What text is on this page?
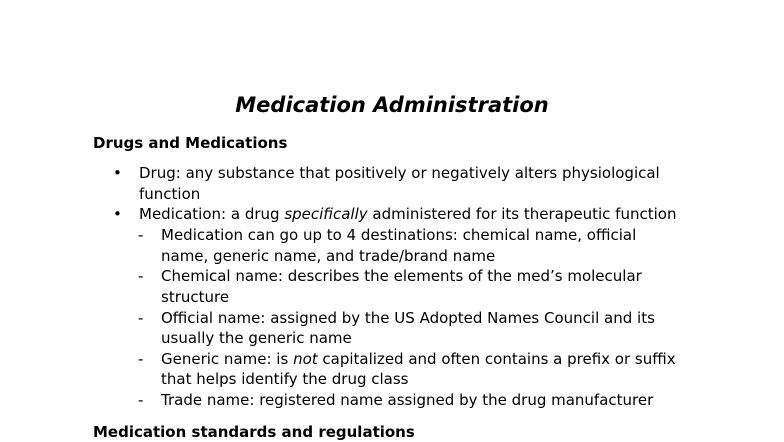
Medication Administration
Drugs and Medications
• Drug: any substance that positively or negatively alters physiological
function
• Medication: a drug specifically administered for its therapeutic function
- Medication can go up to 4 destinations: chemical name, official
name, generic name, and trade/brand name
- Chemical name: describes the elements of the med’s molecular
structure
- Official name: assigned by the US Adopted Names Council and its
usually the generic name
- Generic name: is not capitalized and often contains a prefix or suffix
that helps identify the drug class
- Trade name: registered name assigned by the drug manufacturer
Medication standards and regulations
